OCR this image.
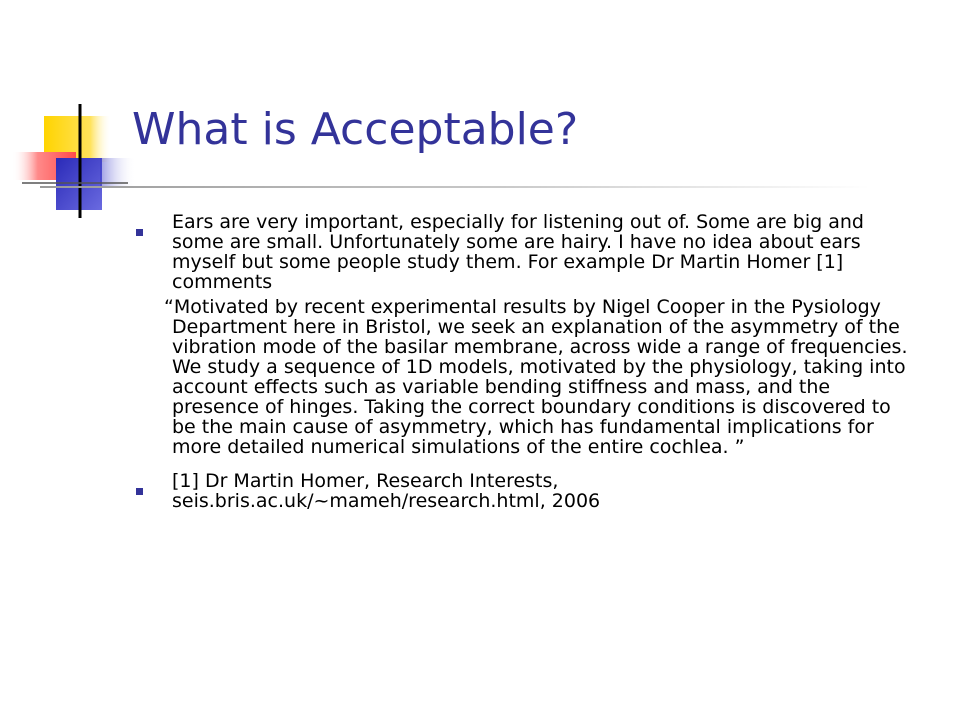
What is Acceptable?

Ears are very important, especially for listening out of. Some are big and some are small. Unfortunately some are hairy. I have no idea about ears myself but some people study them. For example Dr Martin Homer [1] comments

“Motivated by recent experimental results by Nigel Cooper in the Pysiology Department here in Bristol, we seek an explanation of the asymmetry of the vibration mode of the basilar membrane, across wide a range of frequencies. We study a sequence of 1D models, motivated by the physiology, taking into account effects such as variable bending stiffness and mass, and the presence of hinges. Taking the correct boundary conditions is discovered to be the main cause of asymmetry, which has fundamental implications for more detailed numerical simulations of the entire cochlea. ”

[1] Dr Martin Homer, Research Interests, seis.bris.ac.uk/~mameh/research.html, 2006
